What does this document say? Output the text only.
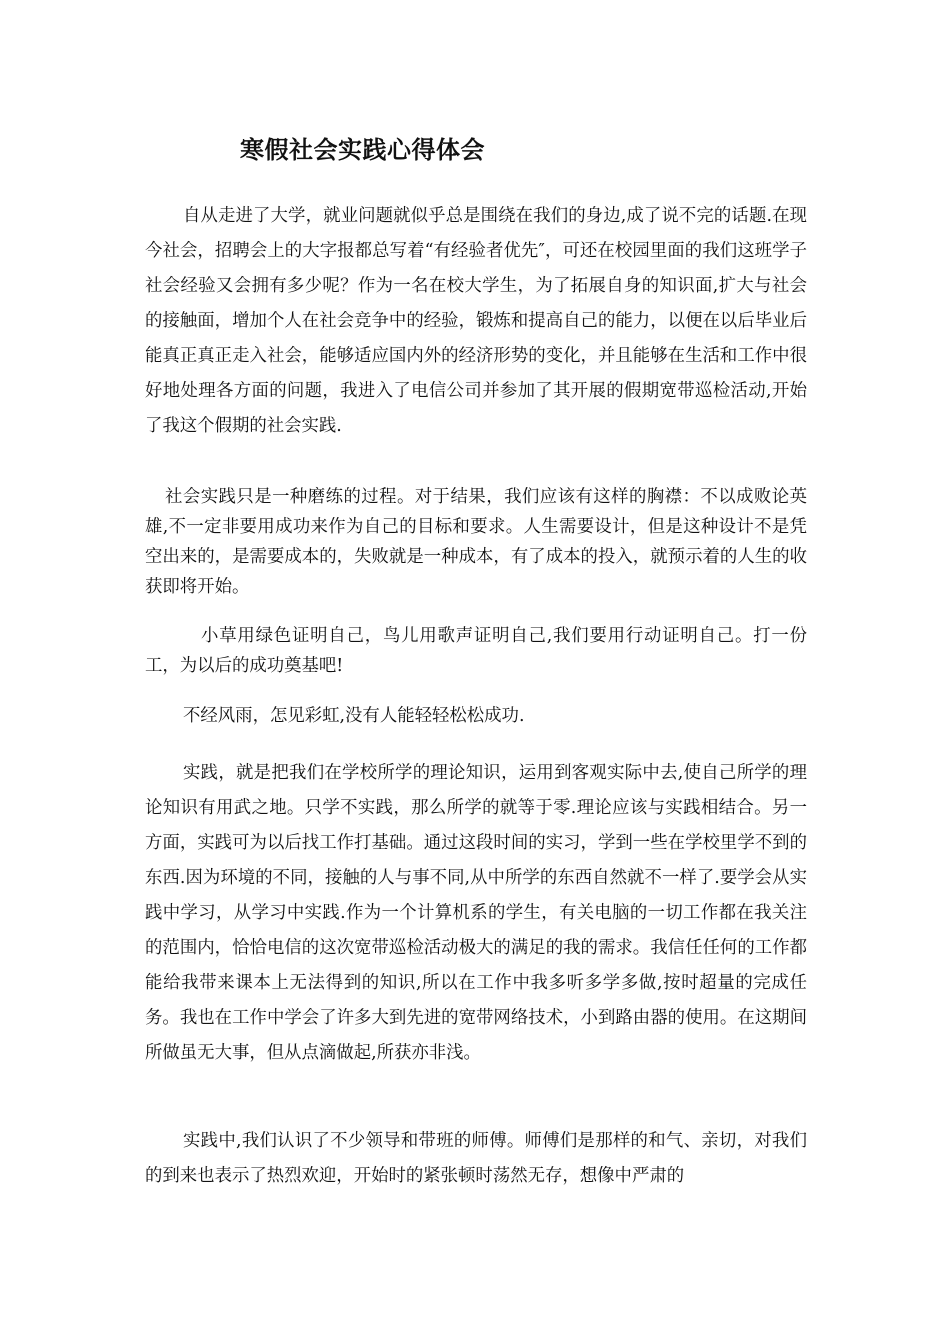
寒假社会实践心得体会

自从走进了大学，就业问题就似乎总是围绕在我们的身边,成了说不完的话题.在现今社会，招聘会上的大字报都总写着“有经验者优先″，可还在校园里面的我们这班学子社会经验又会拥有多少呢？作为一名在校大学生，为了拓展自身的知识面,扩大与社会的接触面，增加个人在社会竞争中的经验，锻炼和提高自己的能力，以便在以后毕业后能真正真正走入社会，能够适应国内外的经济形势的变化，并且能够在生活和工作中很好地处理各方面的问题，我进入了电信公司并参加了其开展的假期宽带巡检活动,开始了我这个假期的社会实践.

社会实践只是一种磨练的过程。对于结果，我们应该有这样的胸襟：不以成败论英雄,不一定非要用成功来作为自己的目标和要求。人生需要设计，但是这种设计不是凭空出来的，是需要成本的，失败就是一种成本，有了成本的投入，就预示着的人生的收获即将开始。

小草用绿色证明自己，鸟儿用歌声证明自己,我们要用行动证明自己。打一份工，为以后的成功奠基吧!

不经风雨，怎见彩虹,没有人能轻轻松松成功.

实践，就是把我们在学校所学的理论知识，运用到客观实际中去,使自己所学的理论知识有用武之地。只学不实践，那么所学的就等于零.理论应该与实践相结合。另一方面，实践可为以后找工作打基础。通过这段时间的实习，学到一些在学校里学不到的东西.因为环境的不同，接触的人与事不同,从中所学的东西自然就不一样了.要学会从实践中学习，从学习中实践.作为一个计算机系的学生，有关电脑的一切工作都在我关注的范围内，恰恰电信的这次宽带巡检活动极大的满足的我的需求。我信任任何的工作都能给我带来课本上无法得到的知识,所以在工作中我多听多学多做,按时超量的完成任务。我也在工作中学会了许多大到先进的宽带网络技术，小到路由器的使用。在这期间所做虽无大事，但从点滴做起,所获亦非浅。

实践中,我们认识了不少领导和带班的师傅。师傅们是那样的和气、亲切，对我们的到来也表示了热烈欢迎，开始时的紧张顿时荡然无存，想像中严肃的
